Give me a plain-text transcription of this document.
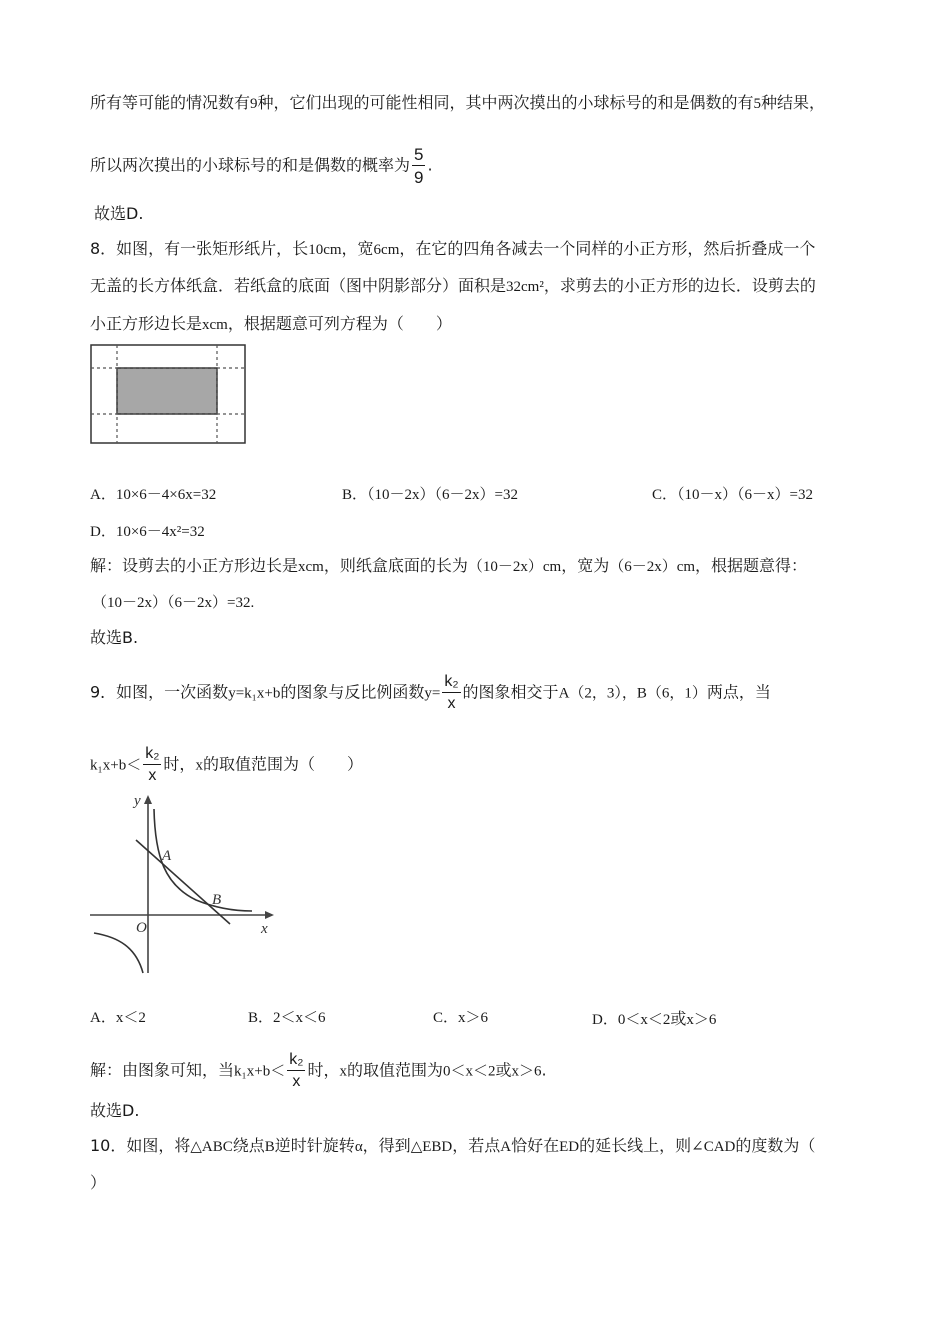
所有等可能的情况数有9种，它们出现的可能性相同，其中两次摸出的小球标号的和是偶数的有5种结果，
所以两次摸出的小球标号的和是偶数的概率为 $\frac{5}{9}$ .
故选D.
8．如图，有一张矩形纸片，长10cm，宽6cm，在它的四角各减去一个同样的小正方形，然后折叠成一个
无盖的长方体纸盒．若纸盒的底面（图中阴影部分）面积是32cm²，求剪去的小正方形的边长．设剪去的
小正方形边长是xcm，根据题意可列方程为（　　）
A．10×6－4×6x=32	B．（10－2x）（6－2x）=32	C．（10－x）（6－x）=32
D．10×6－4x²=32
解：设剪去的小正方形边长是xcm，则纸盒底面的长为（10－2x）cm，宽为（6－2x）cm，根据题意得：
（10－2x）（6－2x）=32.
故选B.
9．如图，一次函数y=k₁x+b的图象与反比例函数$y= \frac{\text{k₂}}{x}$ 的图象相交于A（2，3），B（6，1）两点，当
$k_1x+b< \frac{\text{k₂}}{x}$ 时，x的取值范围为（　　）
y
x
O
A
B
A．x＜2	B．2＜x＜6	C．x＞6	D．0＜x＜2或x＞6
解：由图象可知，当$k_1x+b< \frac{\text{k₂}}{x}$ 时，x的取值范围为0＜x＜2或x＞6.
故选D.
10．如图，将△ABC绕点B逆时针旋转α，得到△EBD，若点A恰好在ED的延长线上，则∠CAD的度数为（
）
